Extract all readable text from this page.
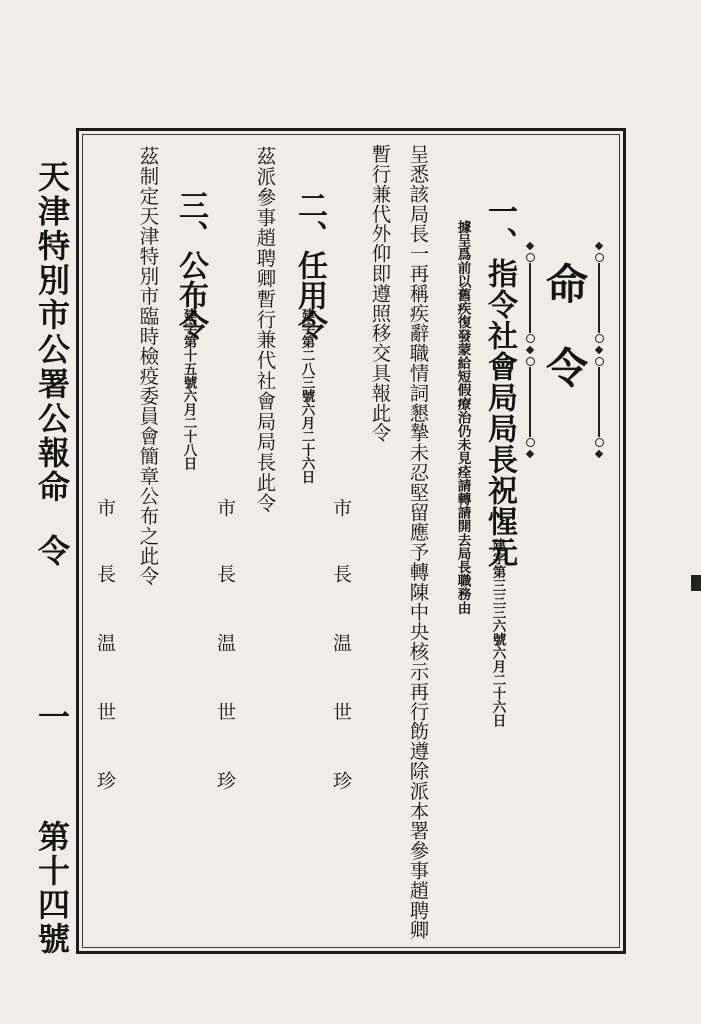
天津特別市公署公報
命　令
一
第十四號
命　令
一、指令社會局局長祝惺元
建字第三三三六號六月二十六日
據呈爲前以舊疾復發蒙給短假療治仍未見痊請轉請開去局長職務由
呈悉該局長一再稱疾辭職情詞懇摯未忍堅留應予轉陳中央核示再行飭遵除派本署參事趙聘卿
暫行兼代外仰即遵照移交具報此令
市　長 温 世 珍
二、任用令
建字第二八三號六月二十六日
茲派參事趙聘卿暫行兼代社會局局長此令
市　長 温 世 珍
三、公布令
建字第十五號六月二十八日
茲制定天津特別市臨時檢疫委員會簡章公布之此令
市　長 温 世 珍
